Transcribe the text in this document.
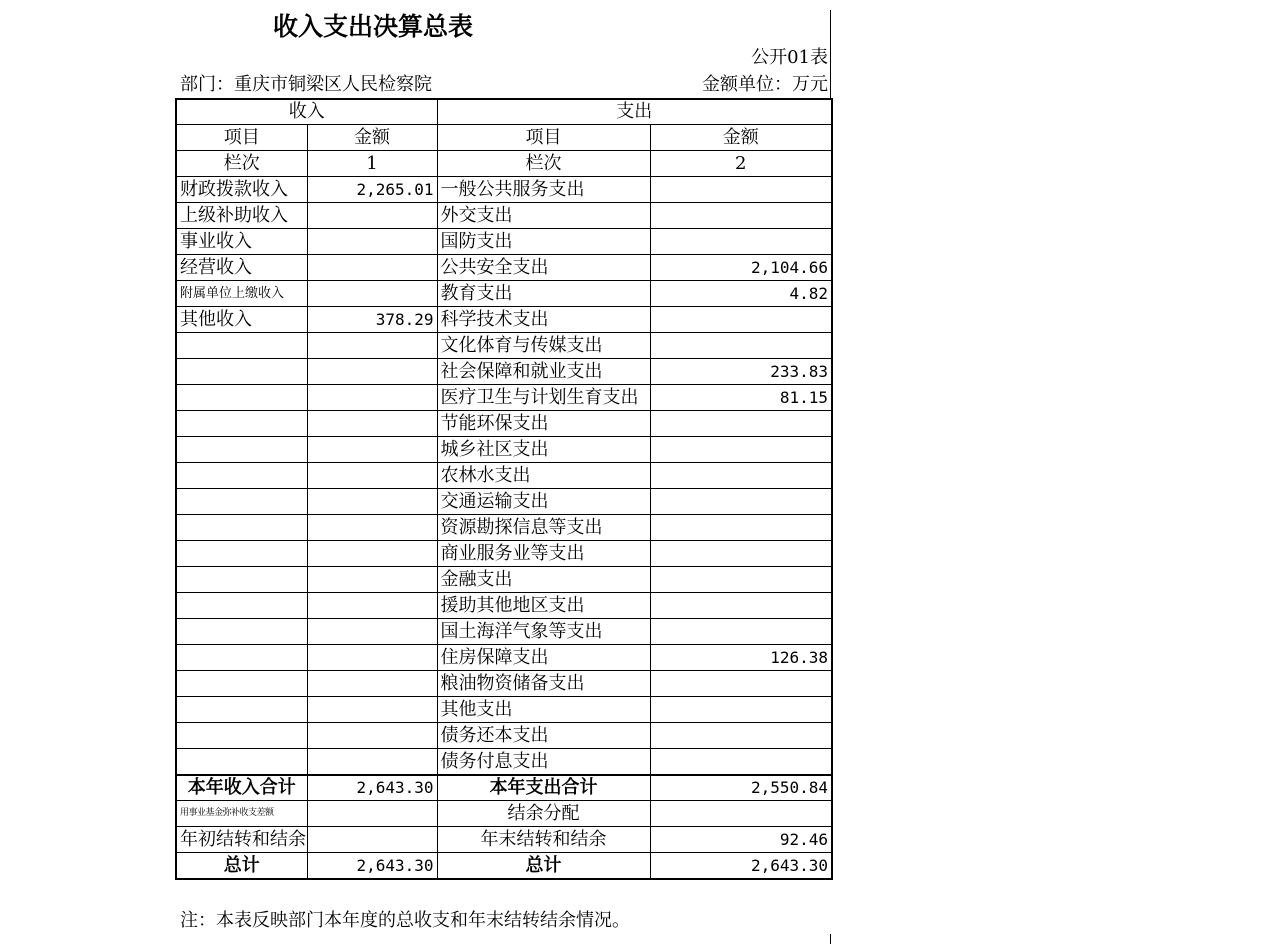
收入支出决算总表
公开01表
部门：重庆市铜梁区人民检察院	金额单位：万元
收入		支出	
项目	金额	项目	金额
栏次	1	栏次	2
财政拨款收入	2,265.01	一般公共服务支出	
上级补助收入		外交支出	
事业收入		国防支出	
经营收入		公共安全支出	2,104.66
附属单位上缴收入		教育支出	4.82
其他收入	378.29	科学技术支出	
		文化体育与传媒支出	
		社会保障和就业支出	233.83
		医疗卫生与计划生育支出	81.15
		节能环保支出	
		城乡社区支出	
		农林水支出	
		交通运输支出	
		资源勘探信息等支出	
		商业服务业等支出	
		金融支出	
		援助其他地区支出	
		国土海洋气象等支出	
		住房保障支出	126.38
		粮油物资储备支出	
		其他支出	
		债务还本支出	
		债务付息支出	
本年收入合计	2,643.30	本年支出合计	2,550.84
用事业基金弥补收支差额		结余分配	
年初结转和结余		年末结转和结余	92.46
总计	2,643.30	总计	2,643.30
注：本表反映部门本年度的总收支和年末结转结余情况。
